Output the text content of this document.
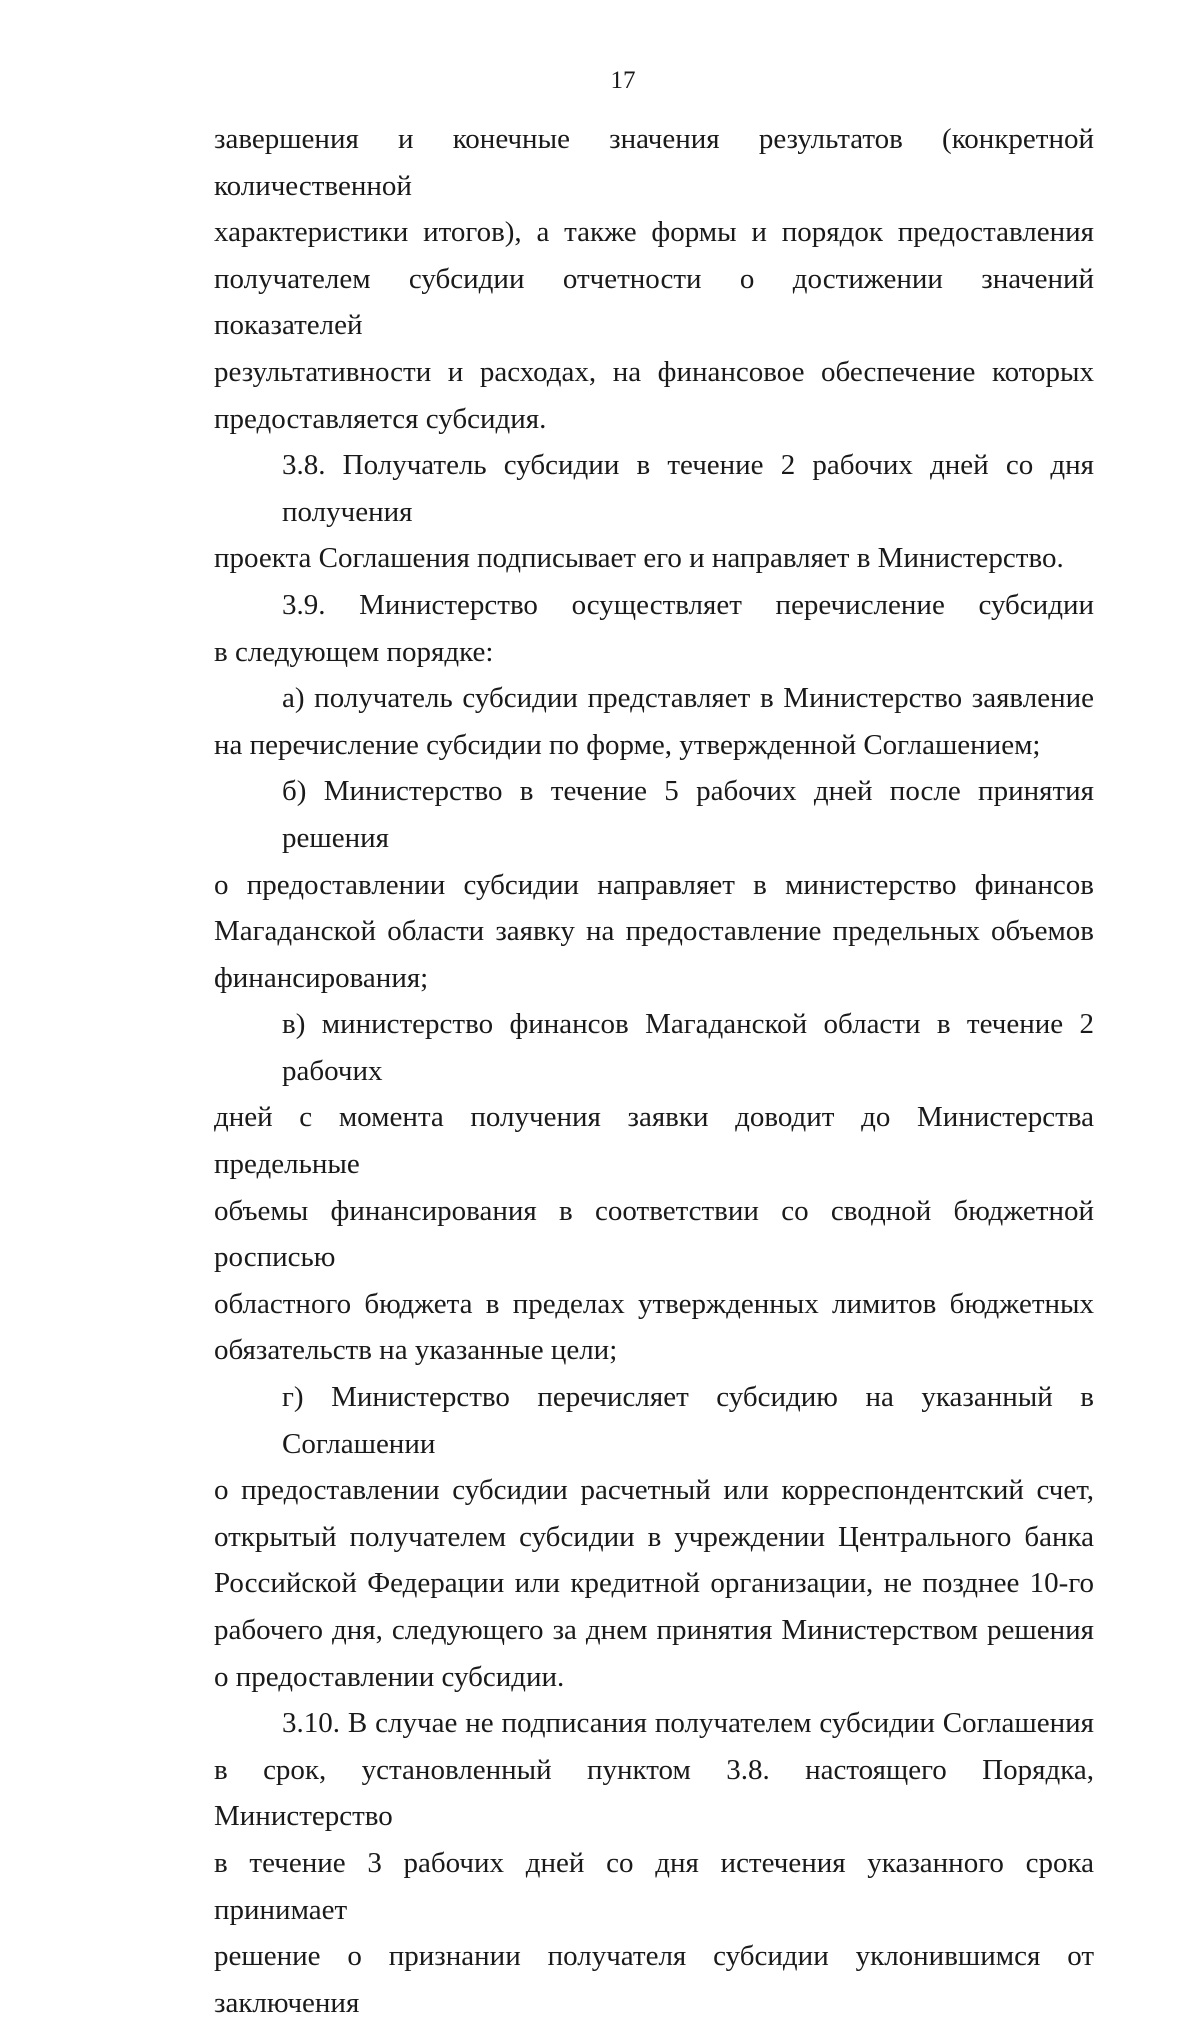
17
завершения и конечные значения результатов (конкретной количественной
характеристики итогов), а также формы и порядок предоставления
получателем субсидии отчетности о достижении значений показателей
результативности и расходах, на финансовое обеспечение которых
предоставляется субсидия.
3.8. Получатель субсидии в течение 2 рабочих дней со дня получения
проекта Соглашения подписывает его и направляет в Министерство.
3.9. Министерство осуществляет перечисление субсидии
в следующем порядке:
а) получатель субсидии представляет в Министерство заявление
на перечисление субсидии по форме, утвержденной Соглашением;
б) Министерство в течение 5 рабочих дней после принятия решения
о предоставлении субсидии направляет в министерство финансов
Магаданской области заявку на предоставление предельных объемов
финансирования;
в) министерство финансов Магаданской области в течение 2 рабочих
дней с момента получения заявки доводит до Министерства предельные
объемы финансирования в соответствии со сводной бюджетной росписью
областного бюджета в пределах утвержденных лимитов бюджетных
обязательств на указанные цели;
г) Министерство перечисляет субсидию на указанный в Соглашении
о предоставлении субсидии расчетный или корреспондентский счет,
открытый получателем субсидии в учреждении Центрального банка
Российской Федерации или кредитной организации, не позднее 10-го
рабочего дня, следующего за днем принятия Министерством решения
о предоставлении субсидии.
3.10. В случае не подписания получателем субсидии Соглашения
в срок, установленный пунктом 3.8. настоящего Порядка, Министерство
в течение 3 рабочих дней со дня истечения указанного срока принимает
решение о признании получателя субсидии уклонившимся от заключения
